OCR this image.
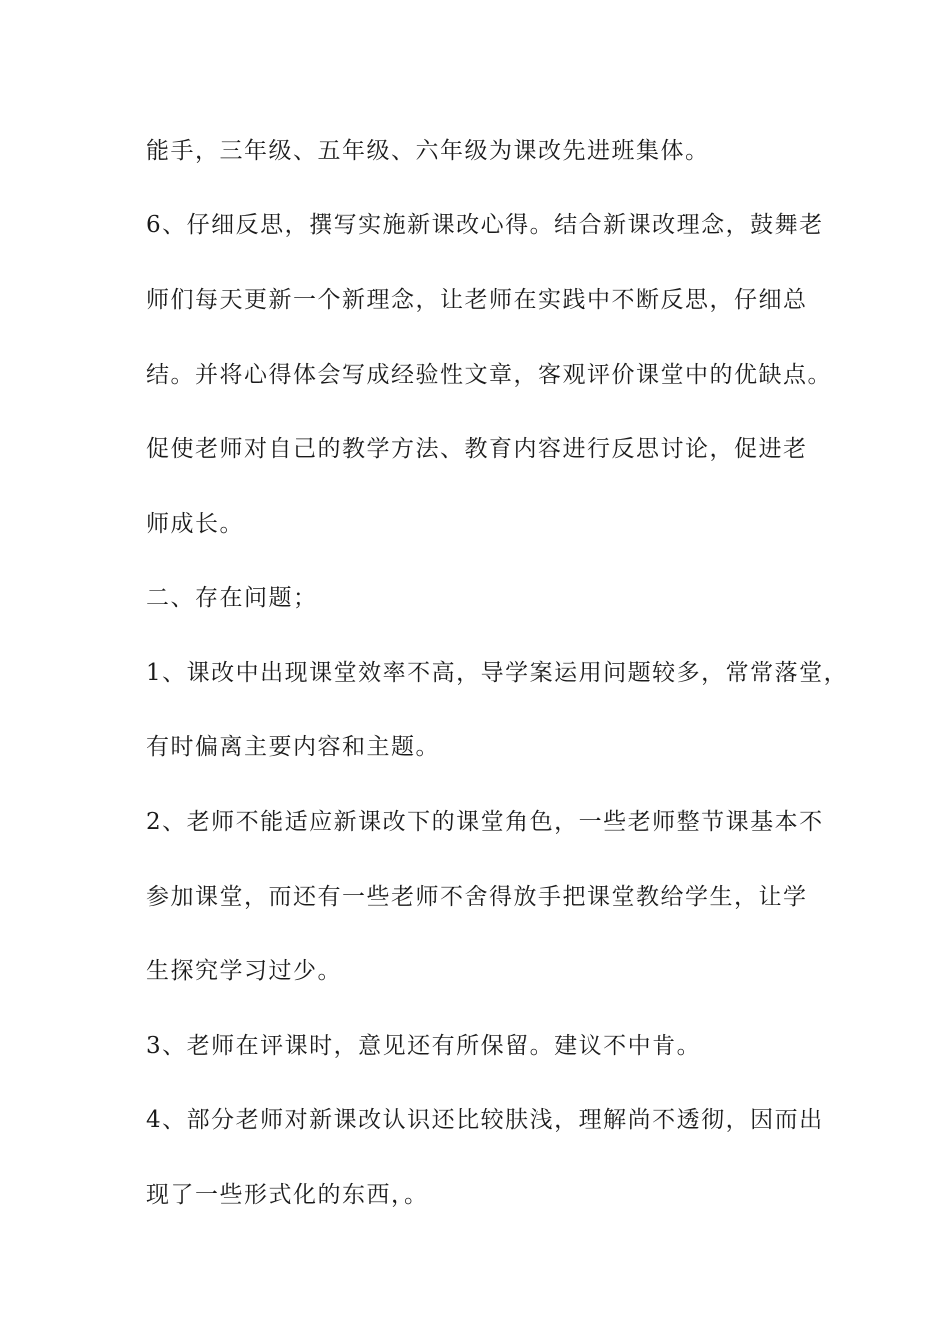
能手，三年级、五年级、六年级为课改先进班集体。
6、仔细反思，撰写实施新课改心得。结合新课改理念，鼓舞老
师们每天更新一个新理念，让老师在实践中不断反思，仔细总
结。并将心得体会写成经验性文章，客观评价课堂中的优缺点。
促使老师对自己的教学方法、教育内容进行反思讨论，促进老
师成长。
二、存在问题；
1、课改中出现课堂效率不高，导学案运用问题较多，常常落堂，
有时偏离主要内容和主题。
2、老师不能适应新课改下的课堂角色，一些老师整节课基本不
参加课堂，而还有一些老师不舍得放手把课堂教给学生，让学
生探究学习过少。
3、老师在评课时，意见还有所保留。建议不中肯。
4、部分老师对新课改认识还比较肤浅，理解尚不透彻，因而出
现了一些形式化的东西，。
